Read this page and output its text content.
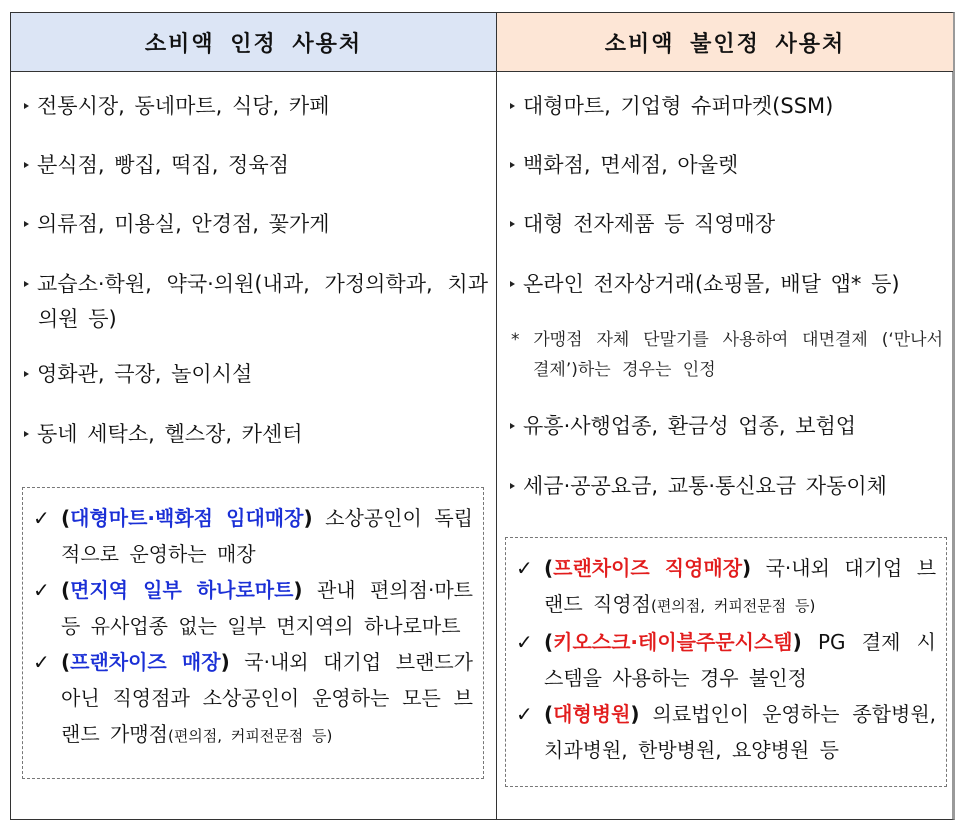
소비액 인정 사용처
전통시장, 동네마트, 식당, 카페
분식점, 빵집, 떡집, 정육점
의류점, 미용실, 안경점, 꽃가게
교습소·학원, 약국·의원(내과, 가정의학과, 치과의원 등)
영화관, 극장, 놀이시설
동네 세탁소, 헬스장, 카센터
✓ (대형마트·백화점 임대매장) 소상공인이 독립적으로 운영하는 매장
✓ (면지역 일부 하나로마트) 관내 편의점·마트 등 유사업종 없는 일부 면지역의 하나로마트
✓ (프랜차이즈 매장) 국·내외 대기업 브랜드가 아닌 직영점과 소상공인이 운영하는 모든 브랜드 가맹점(편의점, 커피전문점 등)
소비액 불인정 사용처
대형마트, 기업형 슈퍼마켓(SSM)
백화점, 면세점, 아울렛
대형 전자제품 등 직영매장
온라인 전자상거래(쇼핑몰, 배달 앱* 등)
* 가맹점 자체 단말기를 사용하여 대면결제 (‘만나서 결제’)하는 경우는 인정
유흥·사행업종, 환금성 업종, 보험업
세금·공공요금, 교통·통신요금 자동이체
✓ (프랜차이즈 직영매장) 국·내외 대기업 브랜드 직영점(편의점, 커피전문점 등)
✓ (키오스크·테이블주문시스템) PG 결제 시스템을 사용하는 경우 불인정
✓ (대형병원) 의료법인이 운영하는 종합병원, 치과병원, 한방병원, 요양병원 등
